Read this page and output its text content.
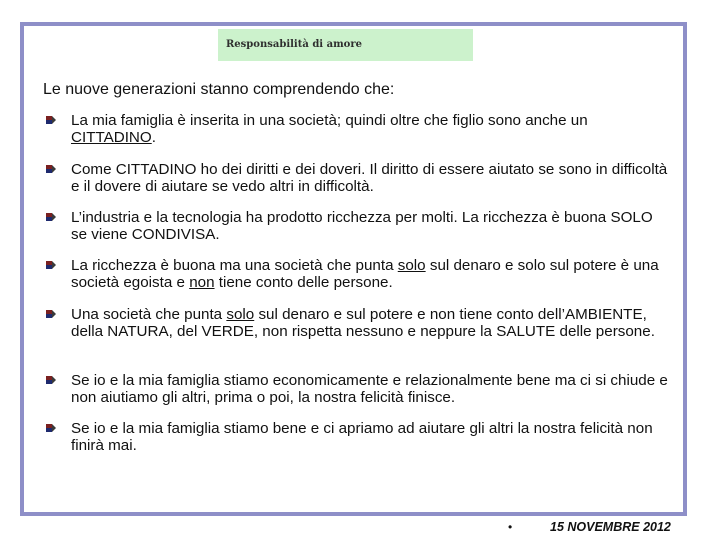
Responsabilità di amore
Le nuove generazioni stanno comprendendo che:
La mia famiglia è inserita in una società; quindi oltre che figlio sono anche un CITTADINO.
Come CITTADINO ho dei diritti e dei doveri. Il diritto di essere aiutato se sono in difficoltà e il dovere di aiutare se vedo altri in difficoltà.
L’industria e la tecnologia ha prodotto ricchezza per molti. La ricchezza è buona SOLO se viene CONDIVISA.
La ricchezza è buona ma una società che punta solo sul denaro e solo sul potere è una società egoista e non tiene conto delle persone.
Una società che punta solo sul denaro e sul potere e non tiene conto dell’AMBIENTE, della NATURA, del VERDE, non rispetta nessuno e neppure la SALUTE delle persone.
Se io e la mia famiglia stiamo economicamente e relazionalmente bene ma ci si chiude e non aiutiamo gli altri, prima o poi, la nostra felicità finisce.
Se io e la mia famiglia stiamo bene e ci apriamo ad aiutare gli altri la nostra felicità non finirà mai.
•	15 NOVEMBRE 2012
